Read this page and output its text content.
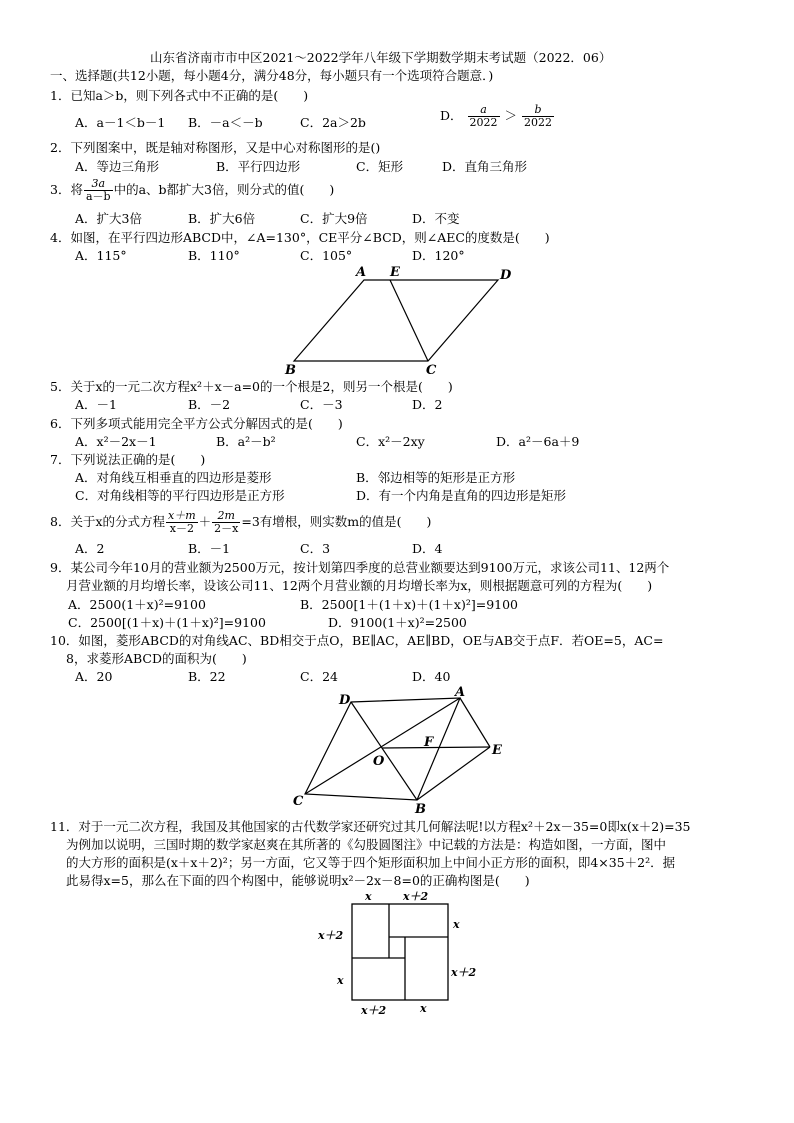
山东省济南市市中区2021～2022学年八年级下学期数学期末考试题（2022．06）
一、选择题(共12小题，每小题4分，满分48分，每小题只有一个选项符合题意．)
1．已知a＞b，则下列各式中不正确的是(　　)
A．a－1＜b－1 B．－a＜－b	C．2a＞2b	D． $\frac{a}{2022} > \frac{b}{2022}$
2．下列图案中，既是轴对称图形，又是中心对称图形的是()
A．等边三角形	B．平行四边形	C．矩形	D．直角三角形
3．将 $\frac{3a}{a-b}$ 中的a、b都扩大3倍，则分式的值(　　)
A．扩大3倍	B．扩大6倍	C．扩大9倍	D．不变
4．如图，在平行四边形ABCD中，∠A=130°，CE平分∠BCD，则∠AEC的度数是(　　)
A．115°	B．110°	C．105°	D．120°
A E	D
B	C
5．关于x的一元二次方程x²＋x－a=0的一个根是2，则另一个根是(　　)
A．－1	B．－2	C．－3	D．2
6．下列多项式能用完全平方公式分解因式的是(　　)
A．x²－2x－1	B．a²－b²	C．x²－2xy	D．a²－6a＋9
7．下列说法正确的是(　　)
A．对角线互相垂直的四边形是菱形	B．邻边相等的矩形是正方形
C．对角线相等的平行四边形是正方形	D．有一个内角是直角的四边形是矩形
8．关于x的分式方程 $\frac{x+m}{x-2} + \frac{2m}{2-x} =3$有增根，则实数m的值是(　　)
A．2	B．－1	C．3	D．4
9．某公司今年10月的营业额为2500万元，按计划第四季度的总营业额要达到9100万元，求该公司11、12两个
月营业额的月均增长率，设该公司11、12两个月营业额的月均增长率为x，则根据题意可列的方程为(　　)
A．2500(1＋x)²=9100	B．2500[1＋(1＋x)＋(1＋x)²]=9100
C．2500[(1＋x)＋(1＋x)²]=9100	D．9100(1＋x)²=2500
10．如图，菱形ABCD的对角线AC、BD相交于点O，BE∥AC，AE∥BD，OE与AB交于点F．若OE=5，AC=
8，求菱形ABCD的面积为(　　)
A．20	B．22	C．24	D．40
D
A
F
E
O
C
B
11．对于一元二次方程，我国及其他国家的古代数学家还研究过其几何解法呢!以方程x²＋2x－35=0即x(x＋2)=35
为例加以说明，三国时期的数学家赵爽在其所著的《勾股圆图注》中记载的方法是：构造如图，一方面，图中
的大方形的面积是(x＋x＋2)²；另一方面，它又等于四个矩形面积加上中间小正方形的面积，即4×35＋2²．据
此易得x=5，那么在下面的四个构图中，能够说明x²－2x－8=0的正确构图是(　　)
x	x＋2
x＋2
x
x
x＋2
x＋2	x
